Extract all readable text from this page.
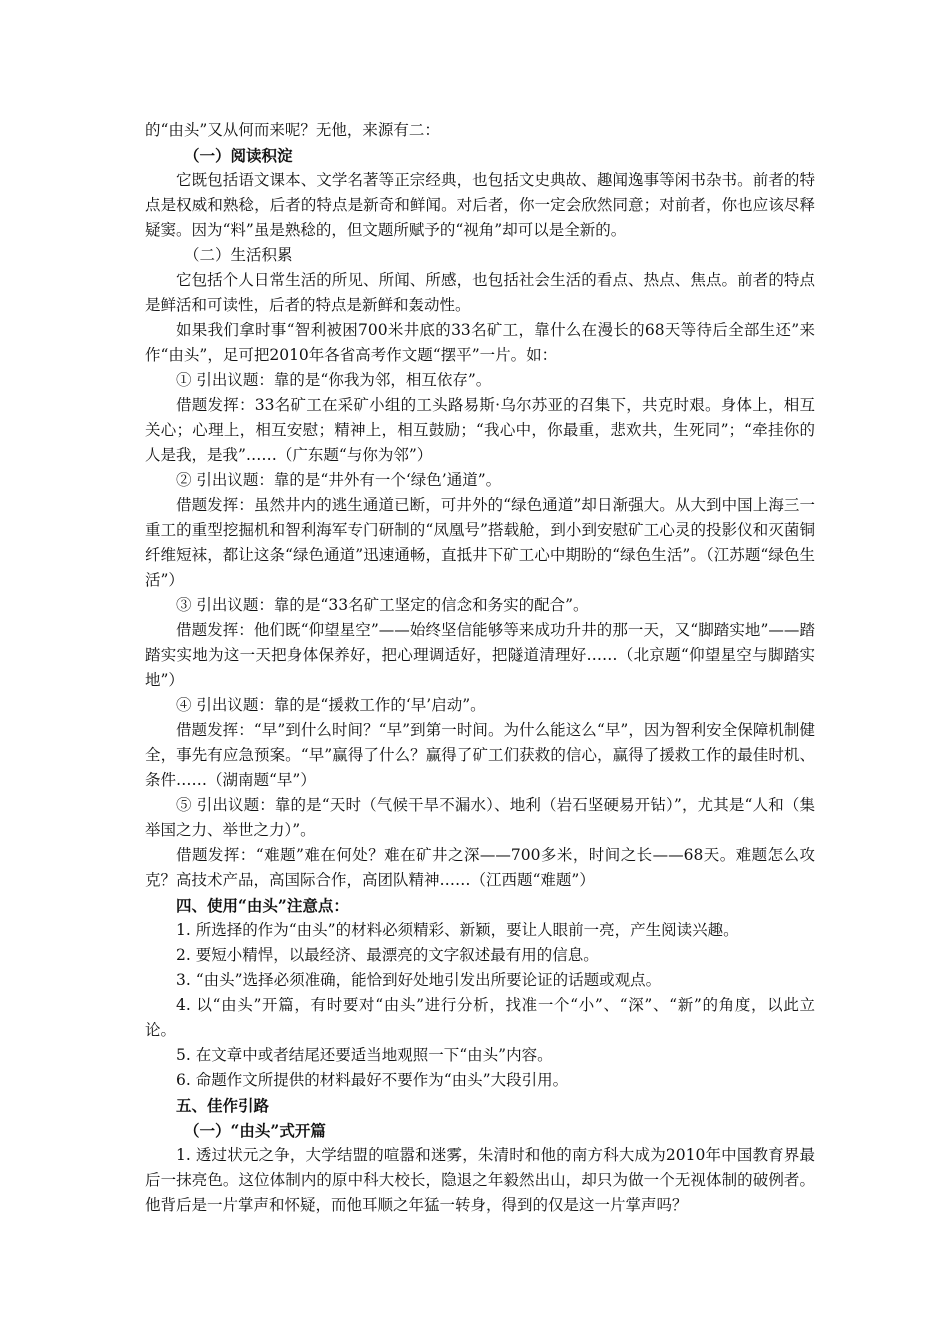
的“由头”又从何而来呢？无他，来源有二：

（一）阅读积淀

它既包括语文课本、文学名著等正宗经典，也包括文史典故、趣闻逸事等闲书杂书。前者的特点是权威和熟稔，后者的特点是新奇和鲜闻。对后者，你一定会欣然同意；对前者，你也应该尽释疑窦。因为“料”虽是熟稔的，但文题所赋予的“视角”却可以是全新的。

（二）生活积累

它包括个人日常生活的所见、所闻、所感，也包括社会生活的看点、热点、焦点。前者的特点是鲜活和可读性，后者的特点是新鲜和轰动性。

如果我们拿时事“智利被困700米井底的33名矿工，靠什么在漫长的68天等待后全部生还”来作“由头”，足可把2010年各省高考作文题“摆平”一片。如：

① 引出议题：靠的是“你我为邻，相互依存”。

借题发挥：33名矿工在采矿小组的工头路易斯·乌尔苏亚的召集下，共克时艰。身体上，相互关心；心理上，相互安慰；精神上，相互鼓励；“我心中，你最重，悲欢共，生死同”；“牵挂你的人是我，是我”……（广东题“与你为邻”）

② 引出议题：靠的是“井外有一个‘绿色’通道”。

借题发挥：虽然井内的逃生通道已断，可井外的“绿色通道”却日渐强大。从大到中国上海三一重工的重型挖掘机和智利海军专门研制的“凤凰号”搭载舱，到小到安慰矿工心灵的投影仪和灭菌铜纤维短袜，都让这条“绿色通道”迅速通畅，直抵井下矿工心中期盼的“绿色生活”。（江苏题“绿色生活”）

③ 引出议题：靠的是“33名矿工坚定的信念和务实的配合”。

借题发挥：他们既“仰望星空”——始终坚信能够等来成功升井的那一天，又“脚踏实地”——踏踏实实地为这一天把身体保养好，把心理调适好，把隧道清理好……（北京题“仰望星空与脚踏实地”）

④ 引出议题：靠的是“援救工作的‘早’启动”。

借题发挥：“早”到什么时间？“早”到第一时间。为什么能这么“早”，因为智利安全保障机制健全，事先有应急预案。“早”赢得了什么？赢得了矿工们获救的信心，赢得了援救工作的最佳时机、条件……（湖南题“早”）

⑤ 引出议题：靠的是“天时（气候干旱不漏水）、地利（岩石坚硬易开钻）”，尤其是“人和（集举国之力、举世之力）”。

借题发挥：“难题”难在何处？难在矿井之深——700多米，时间之长——68天。难题怎么攻克？高技术产品，高国际合作，高团队精神……（江西题“难题”）

四、使用“由头”注意点：

1. 所选择的作为“由头”的材料必须精彩、新颖，要让人眼前一亮，产生阅读兴趣。

2. 要短小精悍，以最经济、最漂亮的文字叙述最有用的信息。

3. “由头”选择必须准确，能恰到好处地引发出所要论证的话题或观点。

4. 以“由头”开篇，有时要对“由头”进行分析，找准一个“小”、“深”、“新”的角度，以此立论。

5. 在文章中或者结尾还要适当地观照一下“由头”内容。

6. 命题作文所提供的材料最好不要作为“由头”大段引用。

五、佳作引路

（一）“由头”式开篇

1. 透过状元之争，大学结盟的喧嚣和迷雾，朱清时和他的南方科大成为2010年中国教育界最后一抹亮色。这位体制内的原中科大校长，隐退之年毅然出山，却只为做一个无视体制的破例者。他背后是一片掌声和怀疑，而他耳顺之年猛一转身，得到的仅是这一片掌声吗？
